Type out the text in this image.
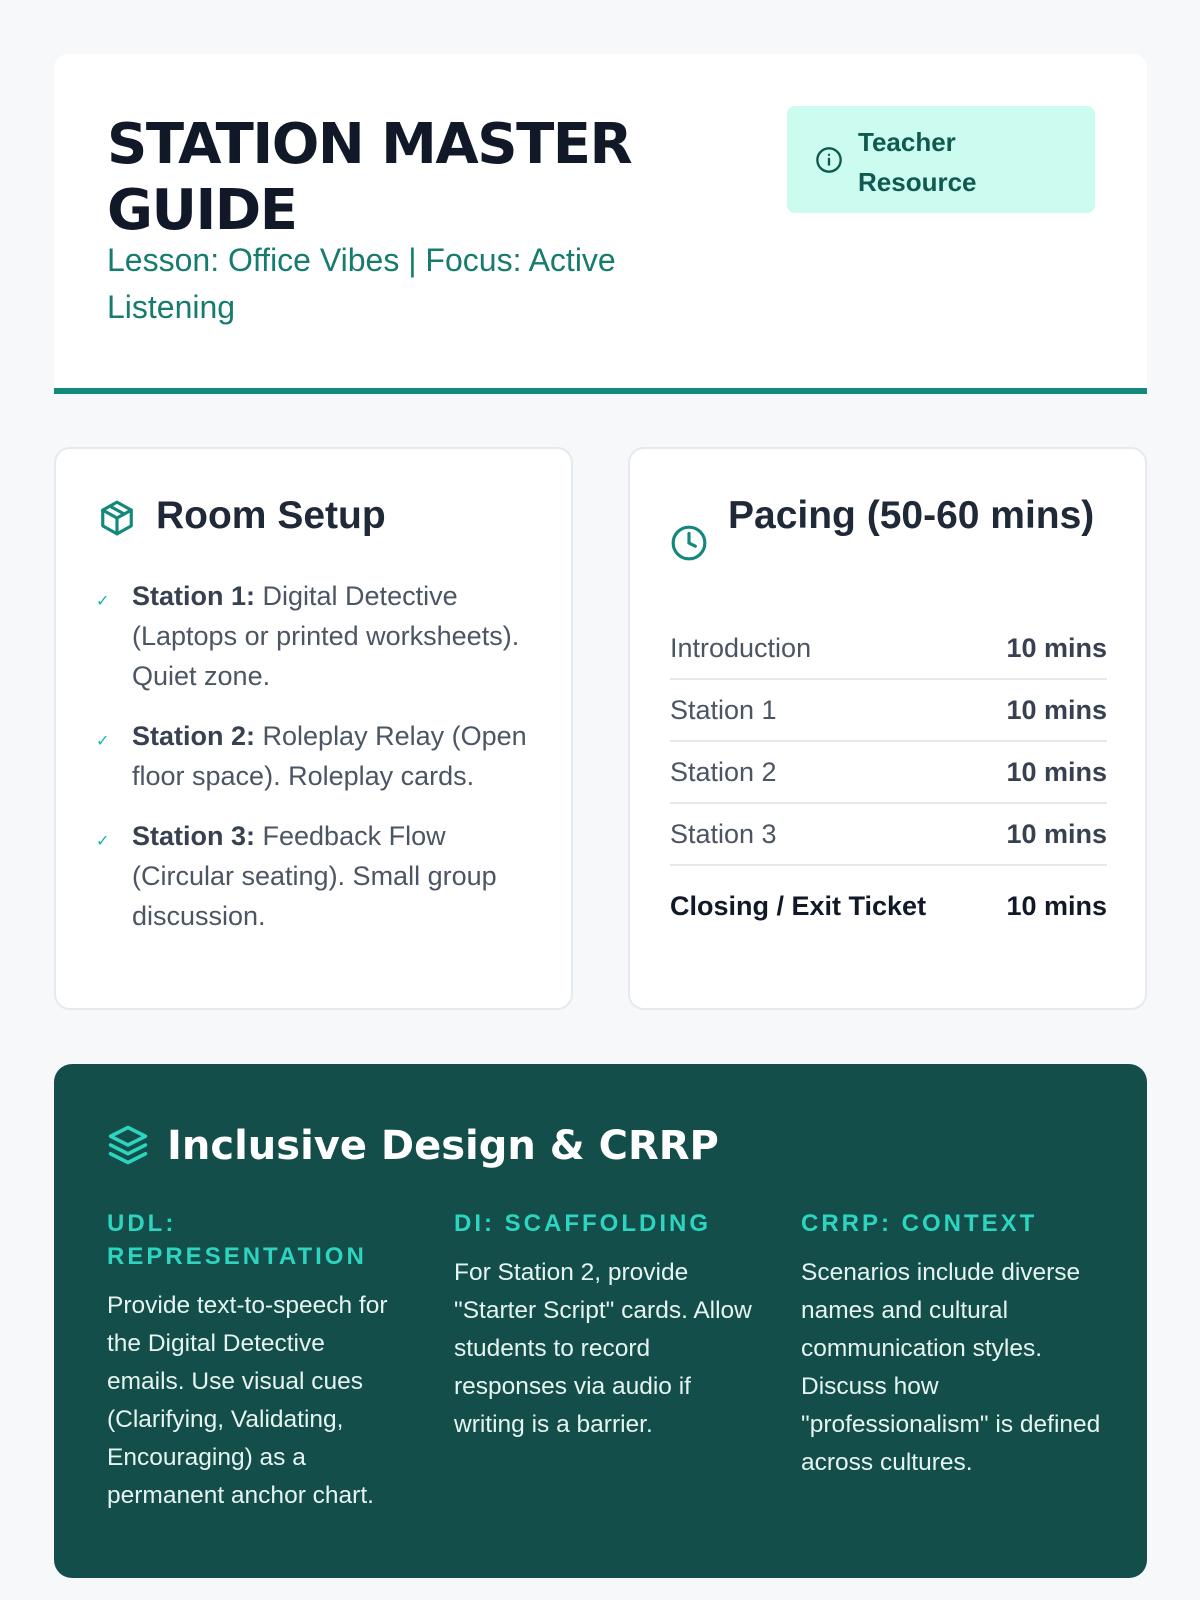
STATION MASTER GUIDE
Lesson: Office Vibes | Focus: Active Listening
Teacher Resource
Room Setup
✓ Station 1: Digital Detective (Laptops or printed worksheets). Quiet zone.
✓ Station 2: Roleplay Relay (Open floor space). Roleplay cards.
✓ Station 3: Feedback Flow (Circular seating). Small group discussion.
Pacing (50-60 mins)
Introduction	10 mins
Station 1	10 mins
Station 2	10 mins
Station 3	10 mins
Closing / Exit Ticket	10 mins
Inclusive Design & CRRP
UDL: REPRESENTATION
Provide text-to-speech for the Digital Detective emails. Use visual cues (Clarifying, Validating, Encouraging) as a permanent anchor chart.
DI: SCAFFOLDING
For Station 2, provide "Starter Script" cards. Allow students to record responses via audio if writing is a barrier.
CRRP: CONTEXT
Scenarios include diverse names and cultural communication styles. Discuss how "professionalism" is defined across cultures.
